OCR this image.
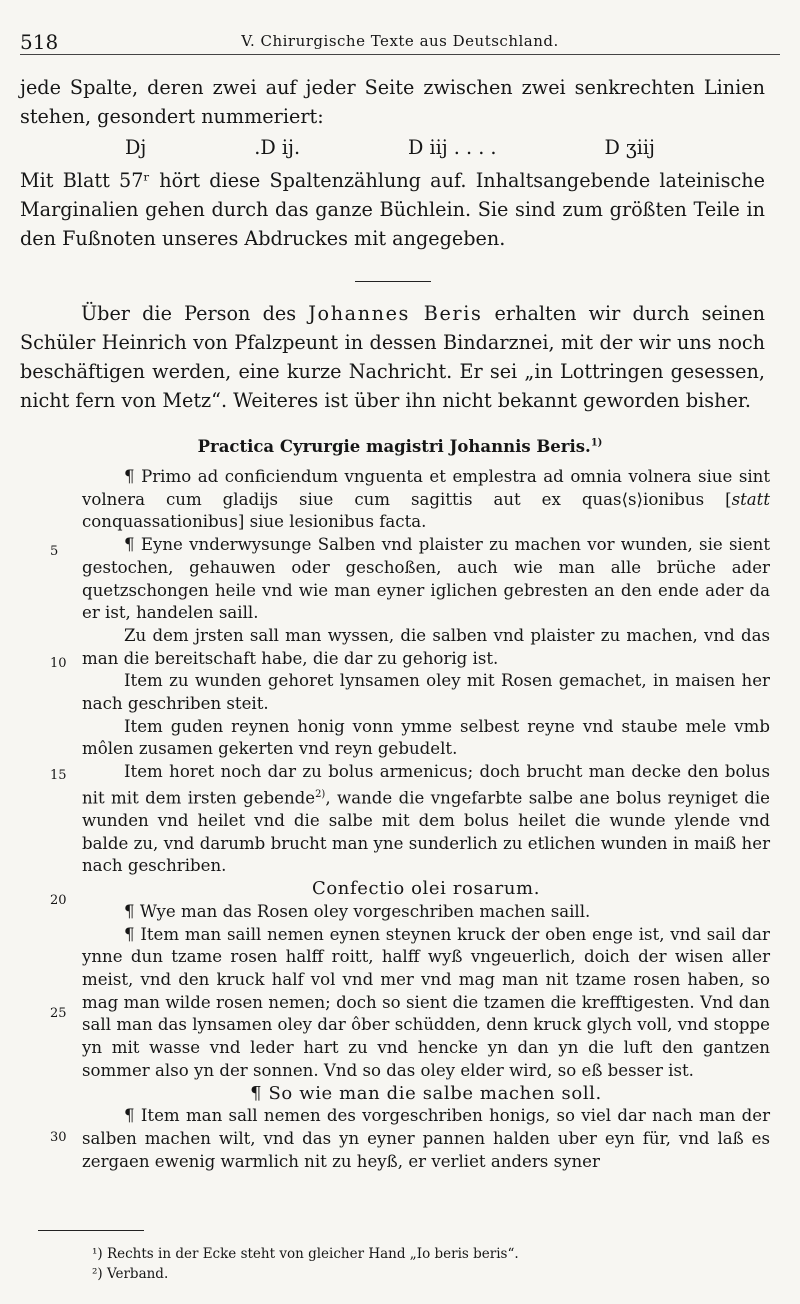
518	V. Chirurgische Texte aus Deutschland.

jede Spalte, deren zwei auf jeder Seite zwischen zwei senkrechten Linien stehen, gesondert nummeriert:

Dj	.D ij.	D iij . . . .	D ʒiij

Mit Blatt 57ʳ hört diese Spaltenzählung auf. Inhaltsangebende lateinische Marginalien gehen durch das ganze Büchlein. Sie sind zum größten Teile in den Fußnoten unseres Abdruckes mit angegeben.

Über die Person des Johannes Beris erhalten wir durch seinen Schüler Heinrich von Pfalzpeunt in dessen Bindarznei, mit der wir uns noch beschäftigen werden, eine kurze Nachricht. Er sei „in Lottringen gesessen, nicht fern von Metz“. Weiteres ist über ihn nicht bekannt geworden bisher.

Practica Cyrurgie magistri Johannis Beris.$^{1)}$

¶ Primo ad conficiendum vnguenta et emplestra ad omnia volnera siue sint volnera cum gladijs siue cum sagittis aut ex quas⟨s⟩ionibus [statt conquassationibus] siue lesionibus facta.

¶ Eyne vnderwysunge Salben vnd plaister zu machen vor wunden, sie sient gestochen, gehauwen oder geschoßen, auch wie man alle brüche ader quetzschongen heile vnd wie man eyner iglichen gebresten an den ende ader da er ist, handelen saill.

Zu dem jrsten sall man wyssen, die salben vnd plaister zu machen, vnd das man die bereitschaft habe, die dar zu gehorig ist.

Item zu wunden gehoret lynsamen oley mit Rosen gemachet, in maisen her nach geschriben steit.

Item guden reynen honig vonn ymme selbest reyne vnd staube mele vmb môlen zusamen gekerten vnd reyn gebudelt.

Item horet noch dar zu bolus armenicus; doch brucht man decke den bolus nit mit dem irsten gebende$^{2)}$, wande die vngefarbte salbe ane bolus reyniget die wunden vnd heilet vnd die salbe mit dem bolus heilet die wunde ylende vnd balde zu, vnd darumb brucht man yne sunderlich zu etlichen wunden in maiß her nach geschriben.

Confectio olei rosarum.

¶ Wye man das Rosen oley vorgeschriben machen saill.

¶ Item man saill nemen eynen steynen kruck der oben enge ist, vnd sail dar ynne dun tzame rosen halff roitt, halff wyß vngeuerlich, doich der wisen aller meist, vnd den kruck half vol vnd mer vnd mag man nit tzame rosen haben, so mag man wilde rosen nemen; doch so sient die tzamen die krefftigesten. Vnd dan sall man das lynsamen oley dar ôber schüdden, denn kruck glych voll, vnd stoppe yn mit wasse vnd leder hart zu vnd hencke yn dan yn die luft den gantzen sommer also yn der sonnen. Vnd so das oley elder wird, so eß besser ist.

¶ So wie man die salbe machen soll.

¶ Item man sall nemen des vorgeschriben honigs, so viel dar nach man der salben machen wilt, vnd das yn eyner pannen halden uber eyn für, vnd laß es zergaen ewenig warmlich nit zu heyß, er verliet anders syner

5
10
15
20
25
30

¹) Rechts in der Ecke steht von gleicher Hand „Io beris beris“.

²) Verband.
